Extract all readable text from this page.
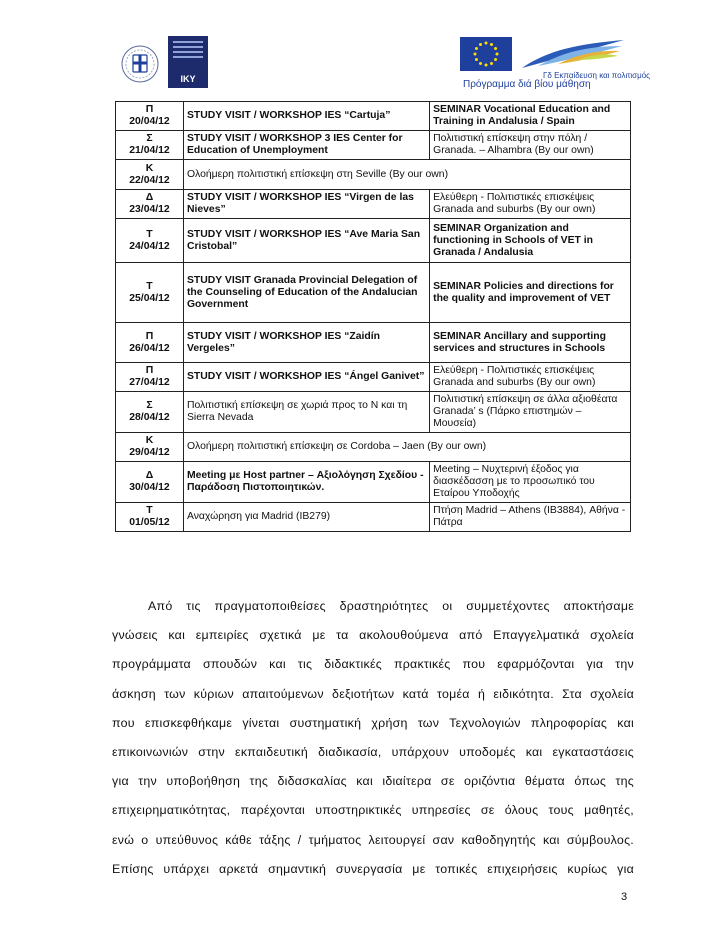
IKY	Γδ Εκπαίδευση και πολιτισμός
Πρόγραμμα διά βίου μάθηση
Π
20/04/12	STUDY VISIT / WORKSHOP IES “Cartuja”	SEMINAR Vocational Education and Training in Andalusia / Spain

Σ
21/04/12	STUDY VISIT / WORKSHOP 3 IES Center for Education of Unemployment	Πολιτιστική επίσκεψη στην πόλη / Granada. – Alhambra (By our own)

Κ
22/04/12	Ολοήμερη πολιτιστική επίσκεψη στη Seville (By our own)	

Δ
23/04/12	STUDY VISIT / WORKSHOP IES “Virgen de las Nieves”	Ελεύθερη - Πολιτιστικές επισκέψεις Granada and suburbs (By our own)

Τ
24/04/12	STUDY VISIT / WORKSHOP IES “Ave Maria San Cristobal”	SEMINAR Organization and functioning in Schools of VET in Granada / Andalusia

Τ
25/04/12	STUDY VISIT Granada Provincial Delegation of the Counseling of Education of the Andalucian Government	SEMINAR Policies and directions for the quality and improvement of VET

Π
26/04/12	STUDY VISIT / WORKSHOP IES “Zaidín Vergeles”	SEMINAR Ancillary and supporting services and structures in Schools

Π
27/04/12	STUDY VISIT / WORKSHOP IES “Ángel Ganivet”	Ελεύθερη - Πολιτιστικές επισκέψεις Granada and suburbs (By our own)

Σ
28/04/12	Πολιτιστική επίσκεψη σε χωριά προς το Ν και τη Sierra Nevada	Πολιτιστική επίσκεψη σε άλλα αξιοθέατα Granada’ s (Πάρκο επιστημών – Μουσεία)

Κ
29/04/12	Ολοήμερη πολιτιστική επίσκεψη σε Cordoba – Jaen (By our own)	

Δ
30/04/12	Meeting με Host partner – Αξιολόγηση Σχεδίου - Παράδοση Πιστοποιητικών.	Meeting – Νυχτερινή έξοδος για διασκέδασση με το προσωπικό του Εταίρου Υποδοχής

Τ
01/05/12	Αναχώρηση για Madrid (IB279)	Πτήση Madrid – Athens (IB3884), Αθήνα - Πάτρα
Από τις πραγματοποιθείσες δραστηριότητες οι συμμετέχοντες αποκτήσαμε
γνώσεις και εμπειρίες σχετικά με τα ακολουθούμενα από Επαγγελματικά σχολεία
προγράμματα σπουδών και τις διδακτικές πρακτικές που εφαρμόζονται για την
άσκηση των κύριων απαιτούμενων δεξιοτήτων κατά τομέα ή ειδικότητα. Στα σχολεία
που επισκεφθήκαμε γίνεται συστηματική χρήση των Τεχνολογιών πληροφορίας και
επικοινωνιών στην εκπαιδευτική διαδικασία, υπάρχουν υποδομές και εγκαταστάσεις
για την υποβοήθηση της διδασκαλίας και ιδιαίτερα σε οριζόντια θέματα όπως της
επιχειρηματικότητας, παρέχονται υποστηρικτικές υπηρεσίες σε όλους τους μαθητές,
ενώ ο υπεύθυνος κάθε τάξης / τμήματος λειτουργεί σαν καθοδηγητής και σύμβουλος.
Επίσης υπάρχει αρκετά σημαντική συνεργασία με τοπικές επιχειρήσεις κυρίως για
3
